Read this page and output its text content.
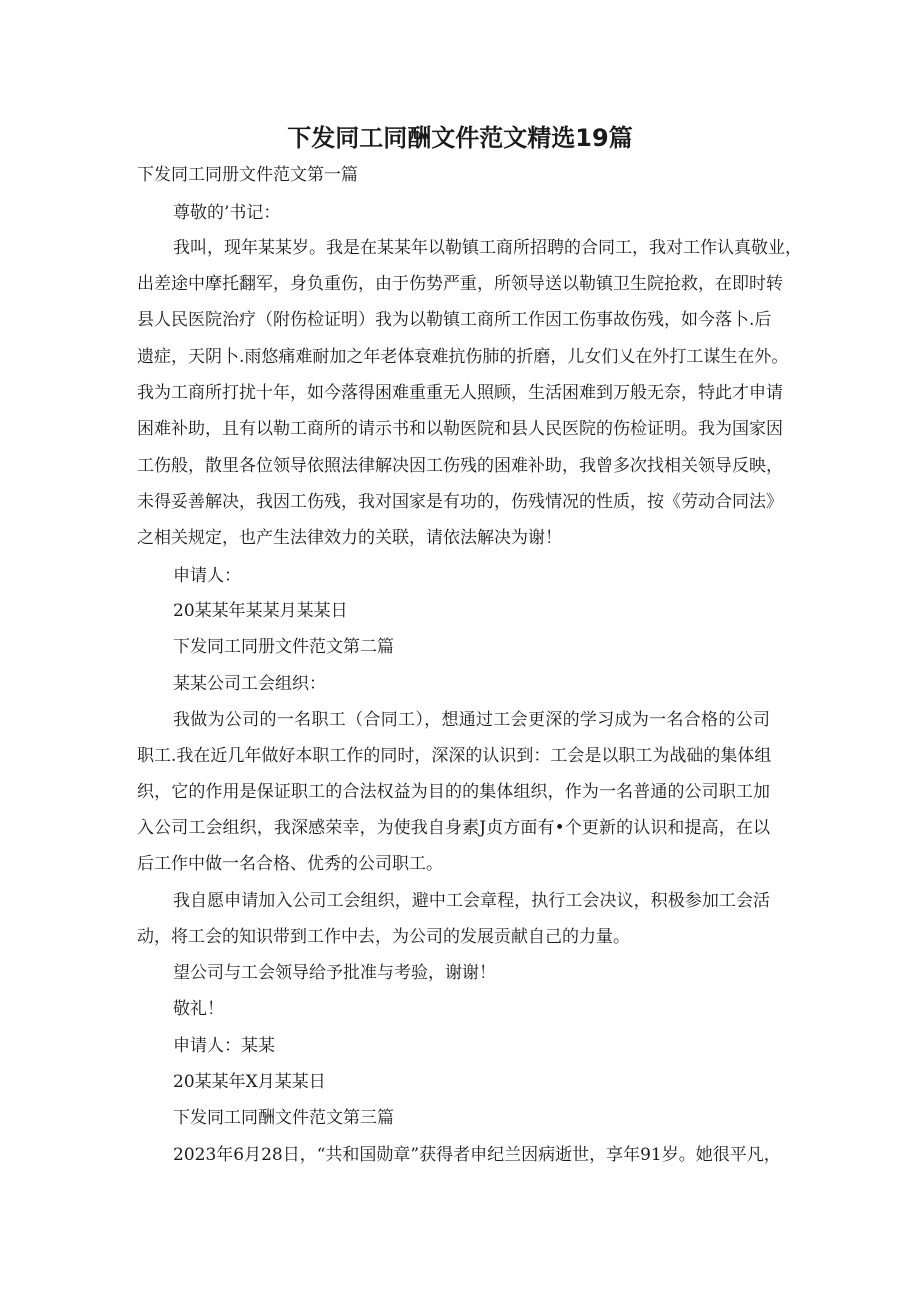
下发同工同酬文件范文精选19篇
下发同工同册文件范文第一篇
尊敬的’书记：
我叫，现年某某岁。我是在某某年以勒镇工商所招聘的合同工，我对工作认真敬业，
出差途中摩托翻军，身负重伤，由于伤势严重，所领导送以勒镇卫生院抢救，在即时转
县人民医院治疗（附伤检证明）我为以勒镇工商所工作因工伤事故伤残，如今落卜.后
遗症，天阴卜.雨悠痛难耐加之年老体衰难抗伤肺的折磨，儿女们乂在外打工谋生在外。
我为工商所打扰十年，如今落得困难重重无人照顾，生活困难到万般无奈，特此才申请
困难补助，且有以勒工商所的请示书和以勒医院和县人民医院的伤检证明。我为国家因
工伤般，散里各位领导依照法律解决因工伤残的困难补助，我曾多次找相关领导反映，
未得妥善解决，我因工伤残，我对国家是有功的，伤残情况的性质，按《劳动合同法》
之相关规定，也产生法律效力的关联，请依法解决为谢！
申请人：
20某某年某某月某某日
下发同工同册文件范文第二篇
某某公司工会组织：
我做为公司的一名职工（合同工），想通过工会更深的学习成为一名合格的公司
职工.我在近几年做好本职工作的同时，深深的认识到：工会是以职工为战础的集体组
织，它的作用是保证职工的合法权益为目的的集体组织，作为一名普通的公司职工加
入公司工会组织，我深感荣幸，为使我自身素J贞方面有•个更新的认识和提高，在以
后工作中做一名合格、优秀的公司职工。
我自愿申请加入公司工会组织，避中工会章程，执行工会决议，积极参加工会活
动，将工会的知识带到工作中去，为公司的发展贡献自己的力量。
望公司与工会领导给予批准与考验，谢谢！
敬礼！
申请人：某某
20某某年X月某某日
下发同工同酬文件范文第三篇
2023年6月28日，“共和国勋章”获得者申纪兰因病逝世，享年91岁。她很平凡，
